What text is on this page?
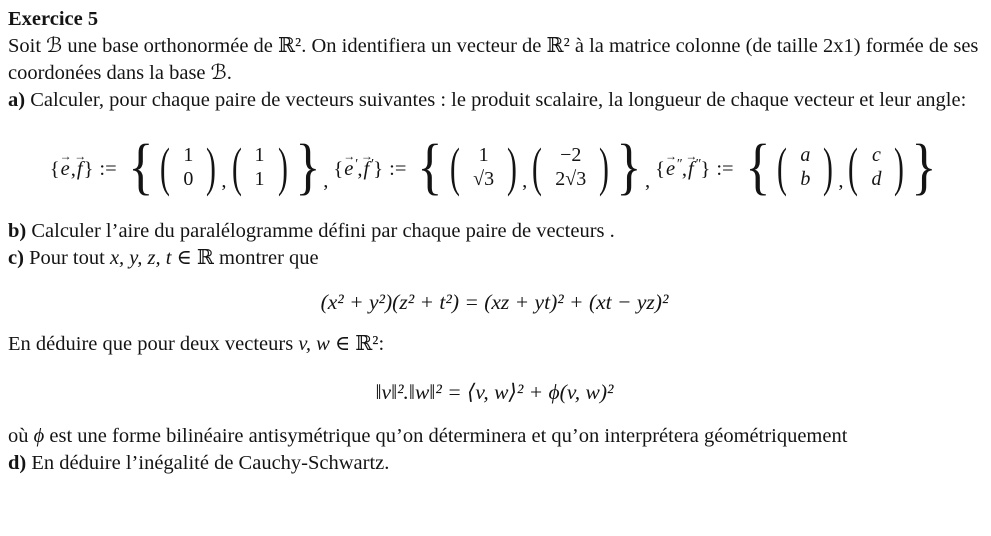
Exercice 5

Soit ℬ une base orthonormée de ℝ². On identifiera un vecteur de ℝ² à la matrice colonne (de taille 2x1) formée de ses coordonées dans la base ℬ.

a) Calculer, pour chaque paire de vecteurs suivantes : le produit scalaire, la longueur de chaque vecteur et leur angle:

{
→
e,
→
f} := { ( 1
0 ) , ( 1
1 ) } ,
{
→
e′,
→
f′} := { ( 1
√3 ) , ( −2
2√3 ) } ,
{
→
e″,
→
f″} := { ( a
b ) , ( c
d ) }

b) Calculer l’aire du paralélogramme défini par chaque paire de vecteurs .

c) Pour tout x, y, z, t ∈ ℝ montrer que

(x² + y²)(z² + t²) = (xz + yt)² + (xt − yz)²

En déduire que pour deux vecteurs v, w ∈ ℝ²:

‖v‖².‖w‖² = ⟨v, w⟩² + ϕ(v, w)²

où ϕ est une forme bilinéaire antisymétrique qu’on déterminera et qu’on interprétera géométriquement

d) En déduire l’inégalité de Cauchy-Schwartz.
